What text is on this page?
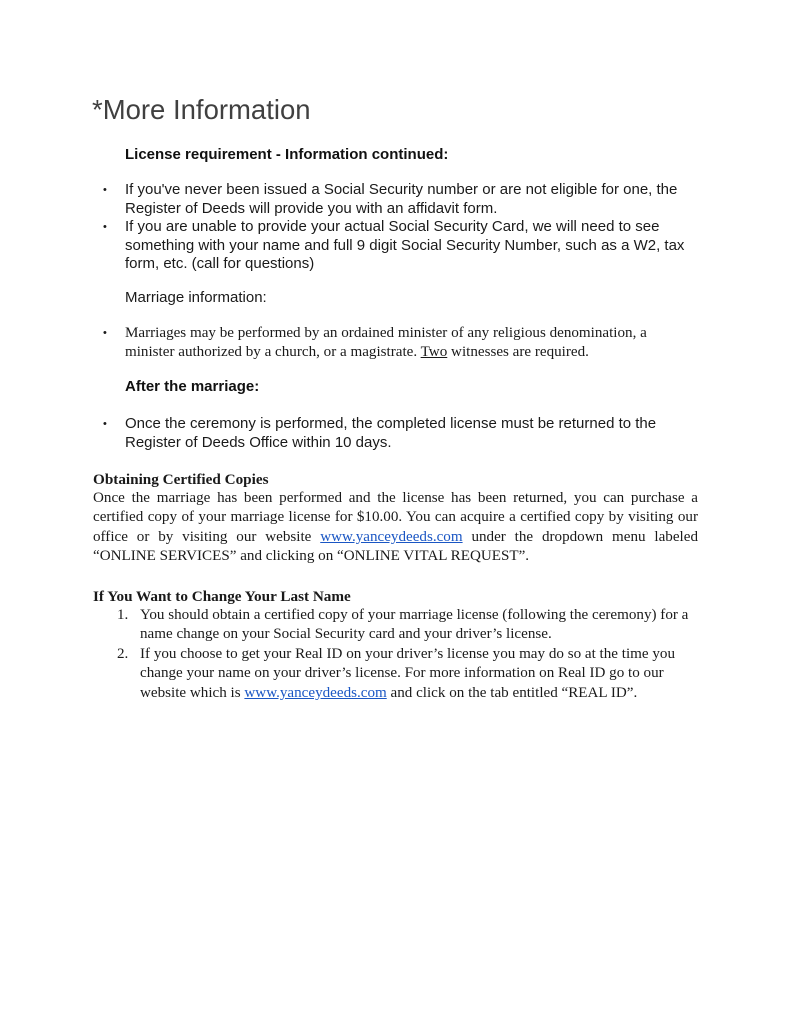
*More Information
License requirement - Information continued:
• If you've never been issued a Social Security number or are not eligible for one, the Register of Deeds will provide you with an affidavit form.
• If you are unable to provide your actual Social Security Card, we will need to see something with your name and full 9 digit Social Security Number, such as a W2, tax form, etc. (call for questions)
Marriage information:
• Marriages may be performed by an ordained minister of any religious denomination, a minister authorized by a church, or a magistrate. Two witnesses are required.
After the marriage:
• Once the ceremony is performed, the completed license must be returned to the Register of Deeds Office within 10 days.
Obtaining Certified Copies
Once the marriage has been performed and the license has been returned, you can purchase a certified copy of your marriage license for $10.00. You can acquire a certified copy by visiting our office or by visiting our website www.yanceydeeds.com under the dropdown menu labeled “ONLINE SERVICES” and clicking on “ONLINE VITAL REQUEST”.
If You Want to Change Your Last Name
1. You should obtain a certified copy of your marriage license (following the ceremony) for a name change on your Social Security card and your driver’s license.
2. If you choose to get your Real ID on your driver’s license you may do so at the time you change your name on your driver’s license. For more information on Real ID go to our website which is www.yanceydeeds.com and click on the tab entitled “REAL ID”.
